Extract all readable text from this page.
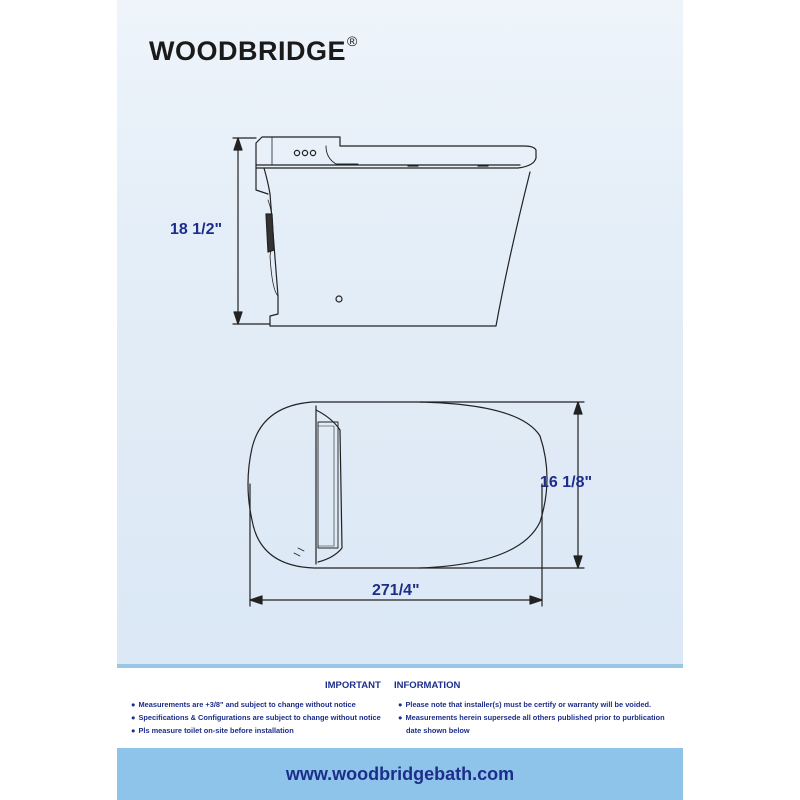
WOODBRIDGE®
18 1/2"
16 1/8"
271/4"
IMPORTANT INFORMATION
● Measurements are +3/8" and subject to change without notice
● Specifications & Configurations are subject to change without notice
● Pls measure toilet on-site before installation
● Please note that installer(s) must be certify or warranty will be voided.
● Measurements herein supersede all others published prior to purblication
date shown below
www.woodbridgebath.com
